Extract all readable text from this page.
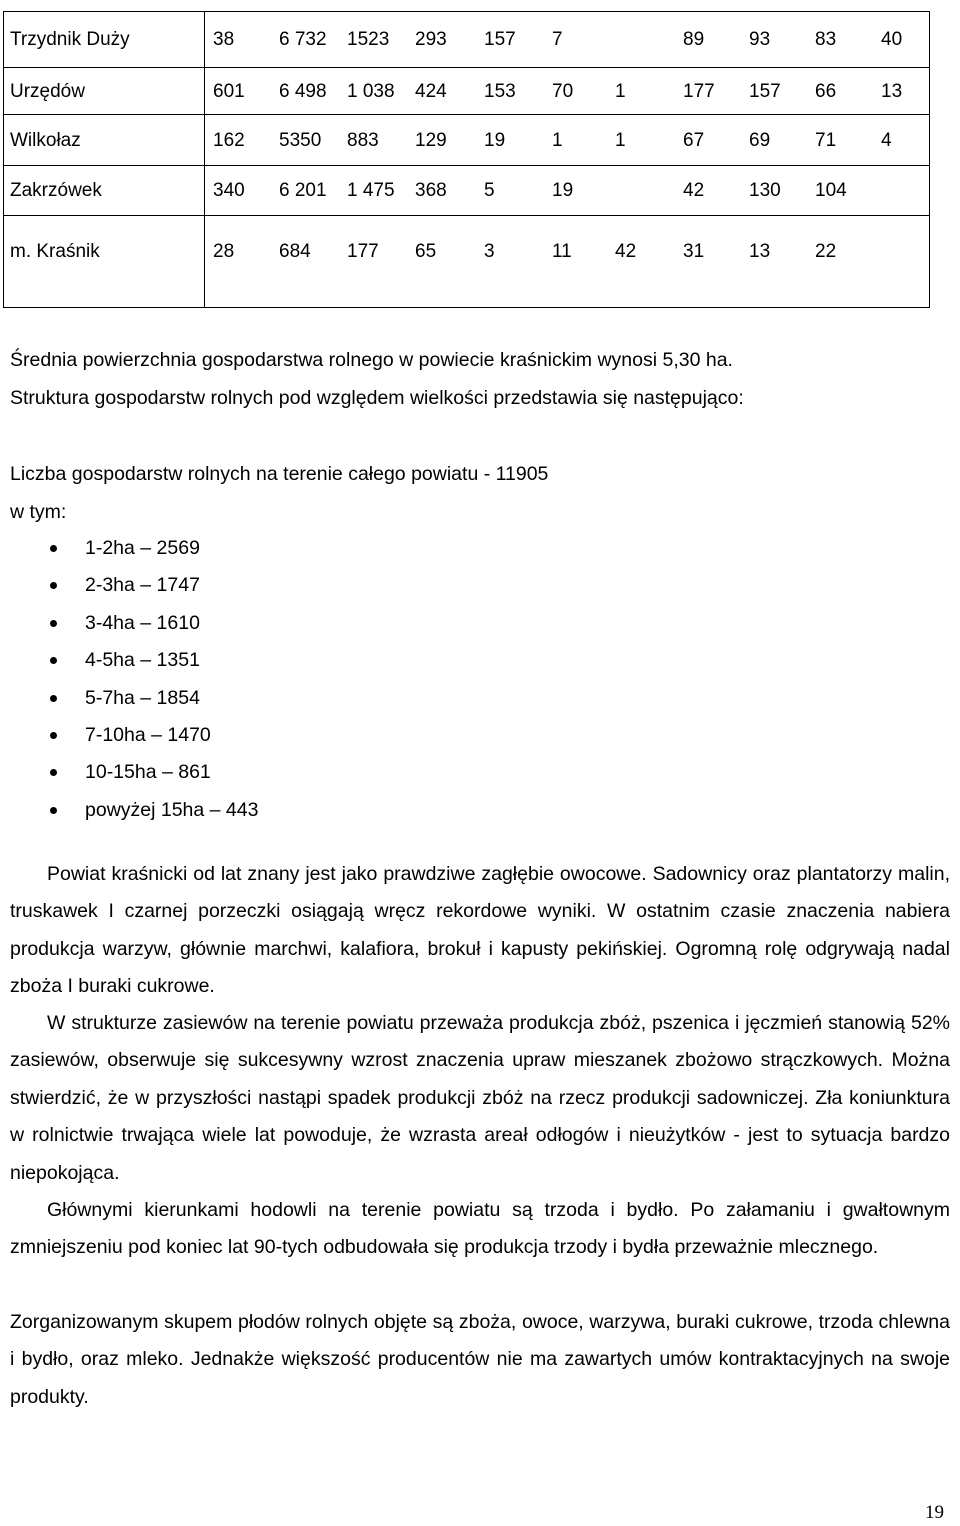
Trzydnik Duży	38	6 732	1523	293	157	7		89	93	83	40
Urzędów	601	6 498	1 038	424	153	70	1	177	157	66	13
Wilkołaz	162	5350	883	129	19	1	1	67	69	71	4
Zakrzówek	340	6 201	1 475	368	5	19		42	130	104	
m. Kraśnik	28	684	177	65	3	11	42	31	13	22	
Średnia powierzchnia gospodarstwa rolnego w powiecie kraśnickim wynosi 5,30 ha.
Struktura gospodarstw rolnych pod względem wielkości przedstawia się następująco:
Liczba gospodarstw rolnych na terenie całego powiatu - 11905
w tym:
1-2ha – 2569
2-3ha – 1747
3-4ha – 1610
4-5ha – 1351
5-7ha – 1854
7-10ha – 1470
10-15ha – 861
powyżej 15ha – 443
Powiat kraśnicki od lat znany jest jako prawdziwe zagłębie owocowe. Sadownicy oraz plantatorzy malin, truskawek I czarnej porzeczki osiągają wręcz rekordowe wyniki. W ostatnim czasie znaczenia nabiera produkcja warzyw, głównie marchwi, kalafiora, brokuł i kapusty pekińskiej. Ogromną rolę odgrywają nadal zboża I buraki cukrowe.
W strukturze zasiewów na terenie powiatu przeważa produkcja zbóż, pszenica i jęczmień stanowią 52% zasiewów, obserwuje się sukcesywny wzrost znaczenia upraw mieszanek zbożowo strączkowych. Można stwierdzić, że w przyszłości nastąpi spadek produkcji zbóż na rzecz produkcji sadowniczej. Zła koniunktura w rolnictwie trwająca wiele lat powoduje, że wzrasta areał odłogów i nieużytków - jest to sytuacja bardzo niepokojąca.
Głównymi kierunkami hodowli na terenie powiatu są trzoda i bydło. Po załamaniu i gwałtownym zmniejszeniu pod koniec lat 90-tych odbudowała się produkcja trzody i bydła przeważnie mlecznego.
Zorganizowanym skupem płodów rolnych objęte są zboża, owoce, warzywa, buraki cukrowe, trzoda chlewna i bydło, oraz mleko. Jednakże większość producentów nie ma zawartych umów kontraktacyjnych na swoje produkty.
19
